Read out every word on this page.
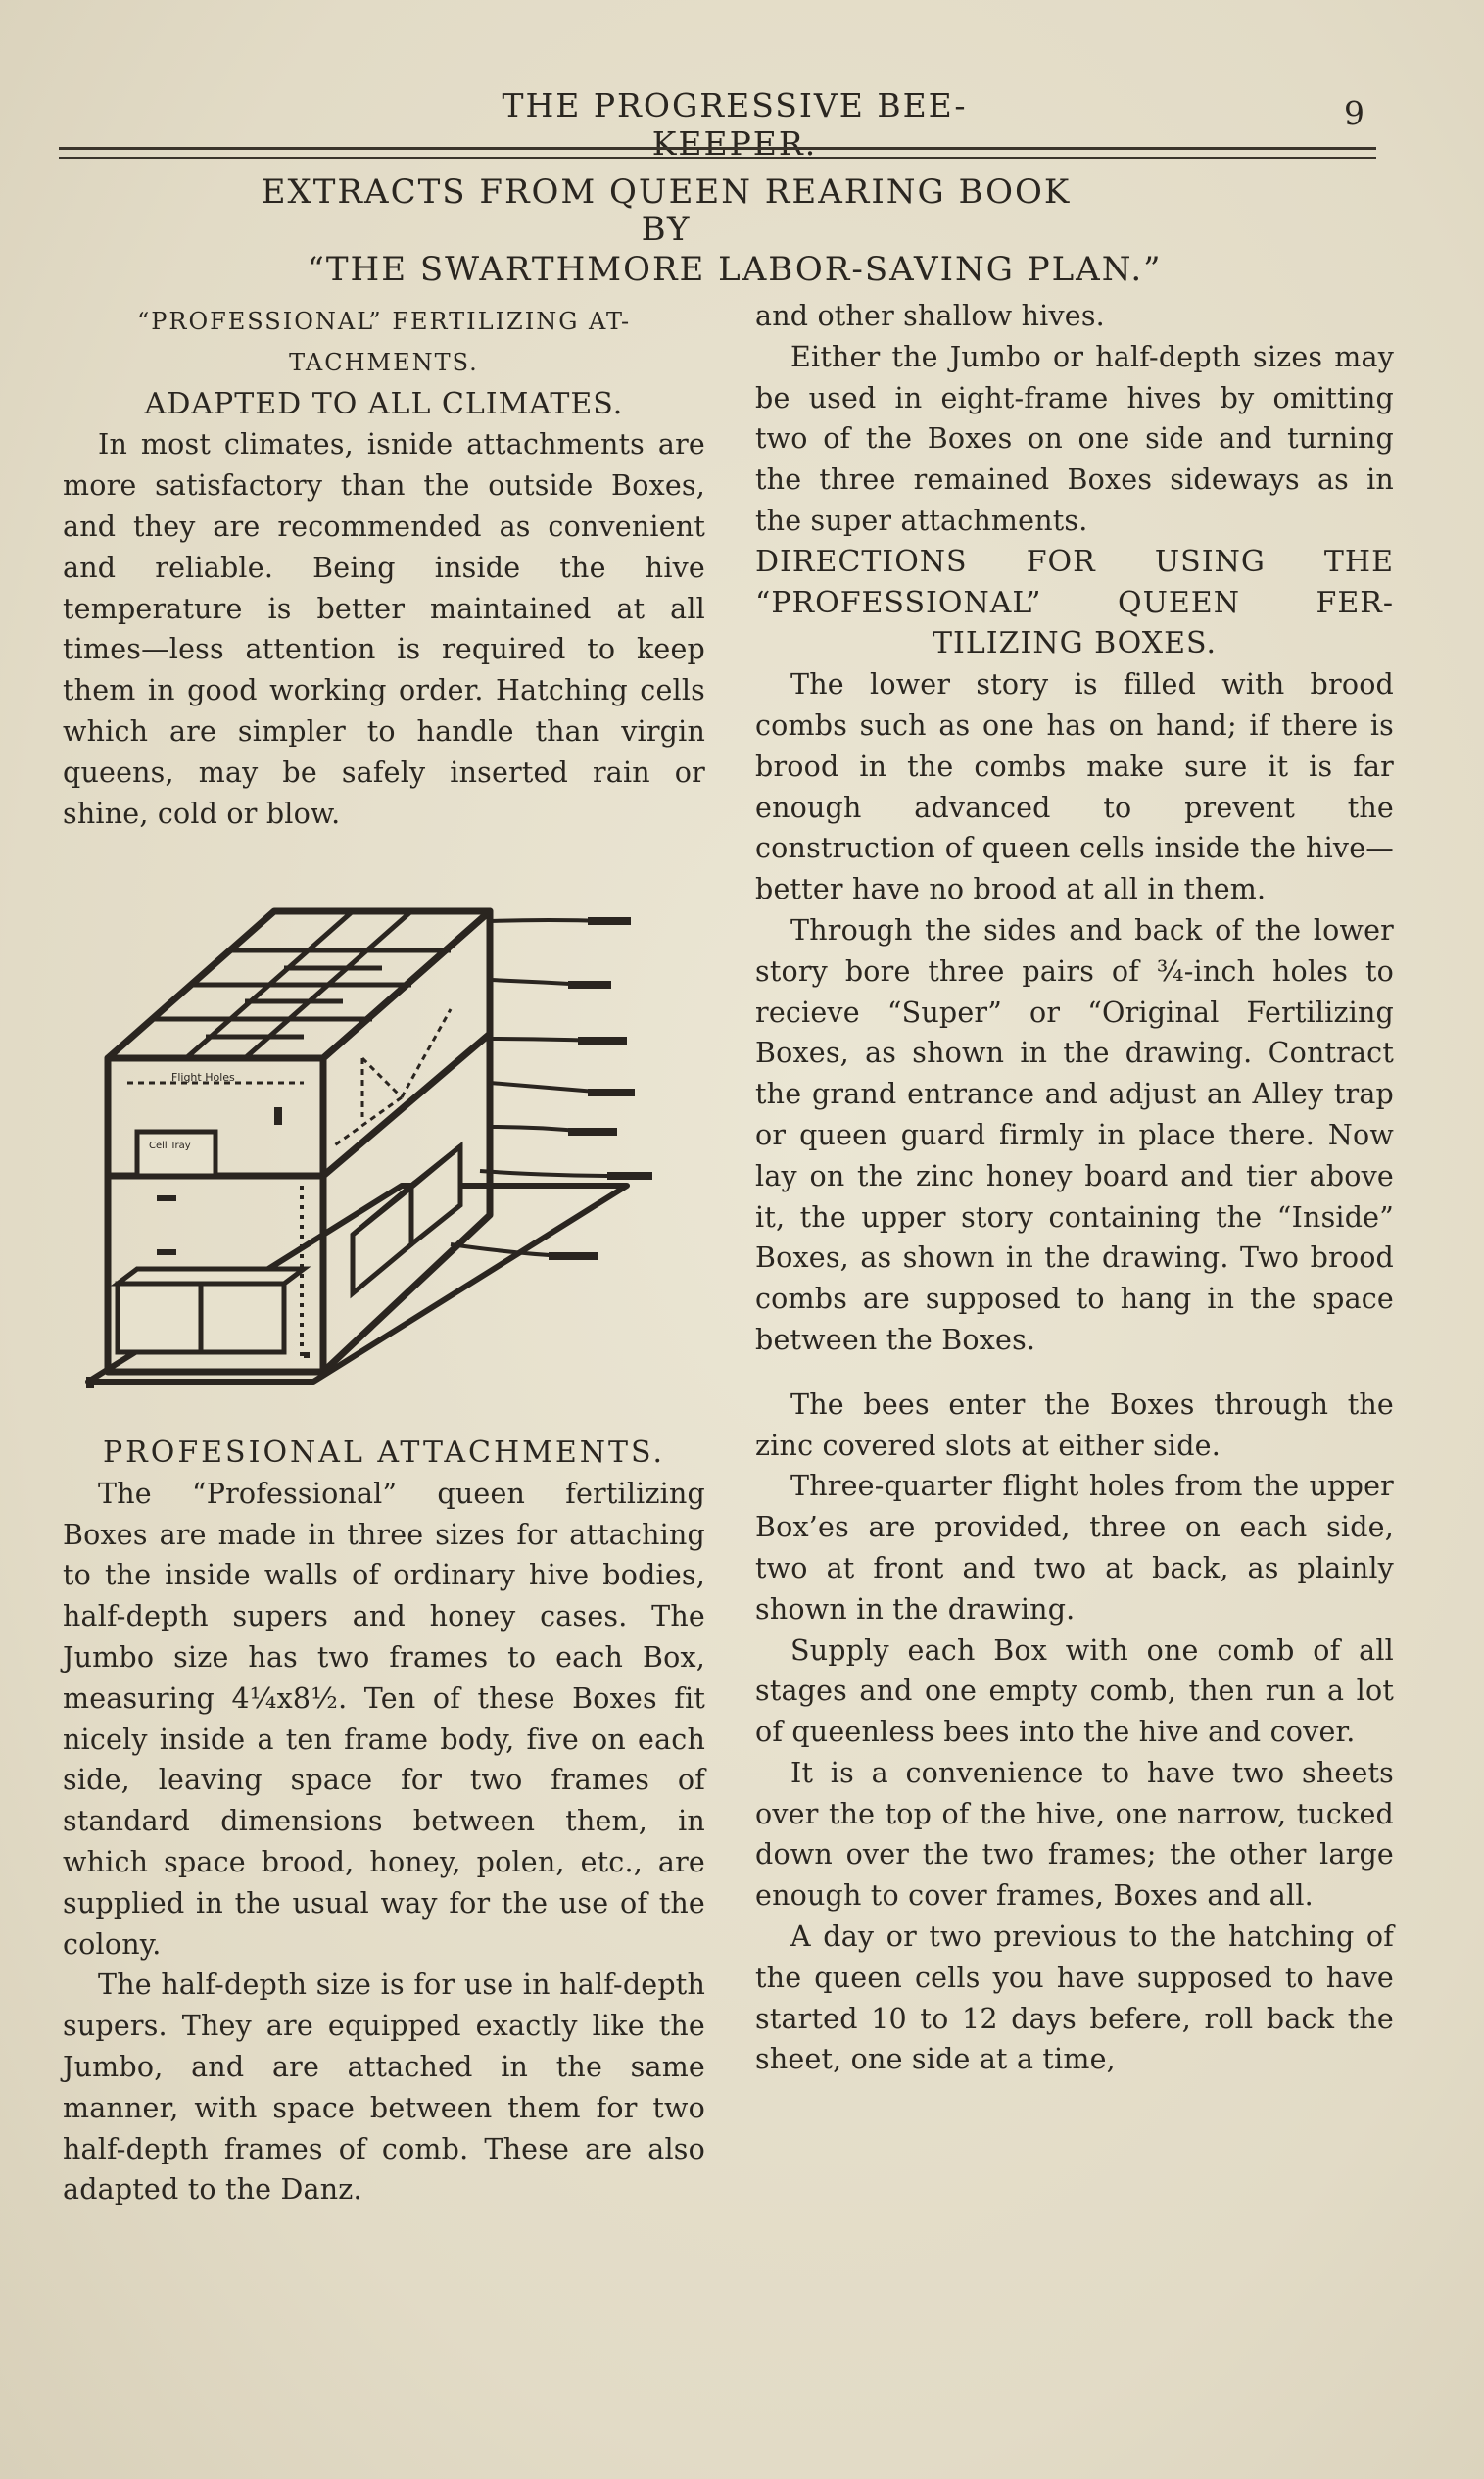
THE PROGRESSIVE BEE-KEEPER.
9
EXTRACTS FROM QUEEN REARING BOOK
BY
“THE SWARTHMORE LABOR-SAVING PLAN.”

“PROFESSIONAL” FERTILIZING AT-

TACHMENTS.

ADAPTED TO ALL CLIMATES.

In most climates, isnide attachments are more satisfactory than the outside Boxes, and they are recommended as convenient and reliable. Being inside the hive temperature is better maintained at all times—less attention is required to keep them in good working order. Hatching cells which are simpler to handle than virgin queens, may be safely inserted rain or shine, cold or blow.

Flight Holes
Cell Tray

PROFESIONAL ATTACHMENTS.

The “Professional” queen fertilizing Boxes are made in three sizes for attaching to the inside walls of ordinary hive bodies, half-depth supers and honey cases. The Jumbo size has two frames to each Box, measuring 4¼x8½. Ten of these Boxes fit nicely inside a ten frame body, five on each side, leaving space for two frames of standard dimensions between them, in which space brood, honey, polen, etc., are supplied in the usual way for the use of the colony.

The half-depth size is for use in half-depth supers. They are equipped exactly like the Jumbo, and are attached in the same manner, with space between them for two half-depth frames of comb. These are also adapted to the Danz.

and other shallow hives.

Either the Jumbo or half-depth sizes may be used in eight-frame hives by omitting two of the Boxes on one side and turning the three remained Boxes sideways as in the super attachments.

DIRECTIONS FOR USING THE

“PROFESSIONAL” QUEEN FER-

TILIZING BOXES.

The lower story is filled with brood combs such as one has on hand; if there is brood in the combs make sure it is far enough advanced to prevent the construction of queen cells inside the hive—better have no brood at all in them.

Through the sides and back of the lower story bore three pairs of ¾-inch holes to recieve “Super” or “Original Fertilizing Boxes, as shown in the drawing. Contract the grand entrance and adjust an Alley trap or queen guard firmly in place there. Now lay on the zinc honey board and tier above it, the upper story containing the “Inside” Boxes, as shown in the drawing. Two brood combs are supposed to hang in the space between the Boxes.

The bees enter the Boxes through the zinc covered slots at either side.

Three-quarter flight holes from the upper Box’es are provided, three on each side, two at front and two at back, as plainly shown in the drawing.

Supply each Box with one comb of all stages and one empty comb, then run a lot of queenless bees into the hive and cover.

It is a convenience to have two sheets over the top of the hive, one narrow, tucked down over the two frames; the other large enough to cover frames, Boxes and all.

A day or two previous to the hatching of the queen cells you have supposed to have started 10 to 12 days befere, roll back the sheet, one side at a time,
